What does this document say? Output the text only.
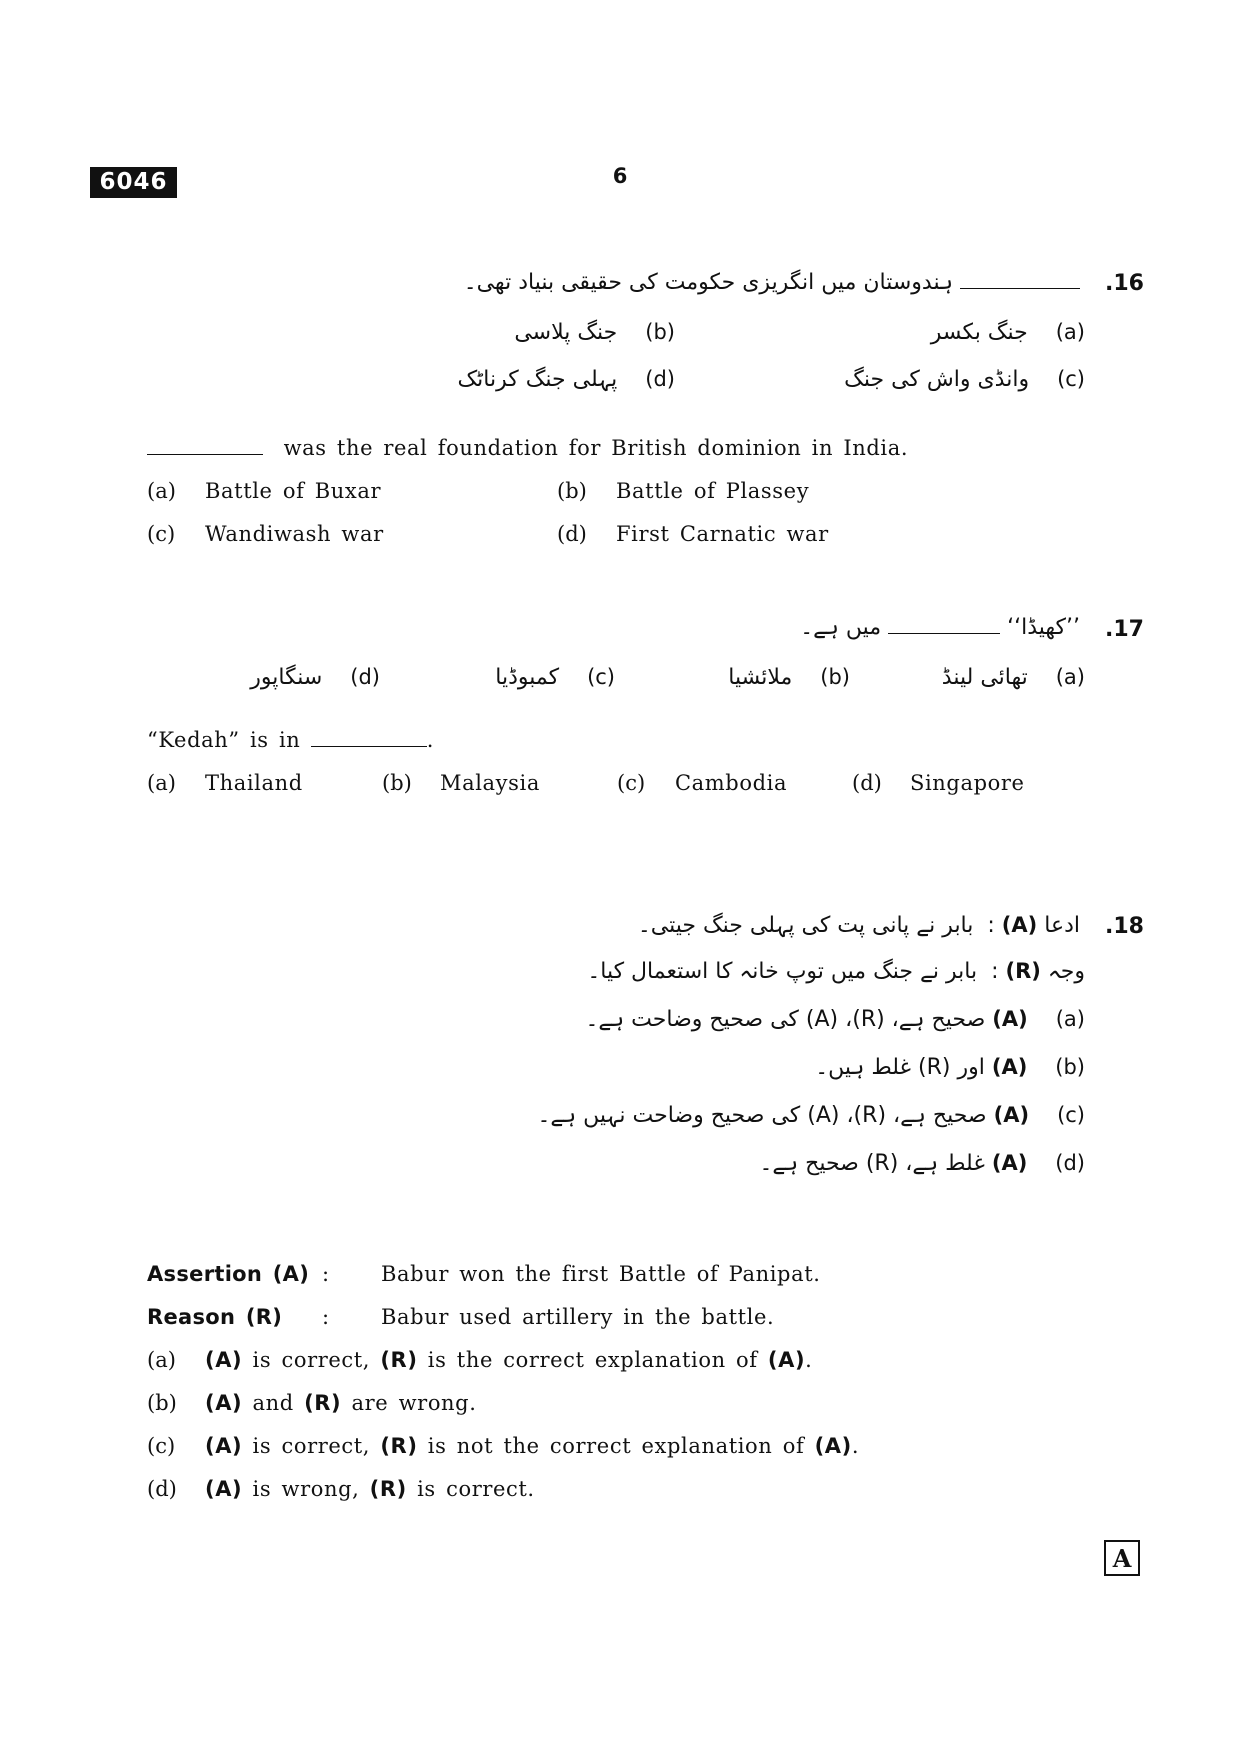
6046	6
.16
ہندوستان میں انگریزی حکومت کی حقیقی بنیاد تھی۔
(a)    جنگ بکسر
(b)    جنگ پلاسی
(c)    وانڈی واش کی جنگ
(d)    پہلی جنگ کرناٹک
was the real foundation for British dominion in India.
(a) Battle of Buxar	(b) Battle of Plassey
(c) Wandiwash war	(d) First Carnatic war
.17
’’کھیڈا‘‘  میں ہے۔
(a)    تھائی لینڈ
(b)    ملائشیا
(c)    کمبوڈیا
(d)    سنگاپور
“Kedah” is in	.
(a) Thailand	(b) Malaysia	(c) Cambodia	(d) Singapore
.18
ادعا (A) :  بابر نے پانی پت کی پہلی جنگ جیتی۔
وجہ (R) :  بابر نے جنگ میں توپ خانہ کا استعمال کیا۔
(a)    (A) صحیح ہے، (R)، (A) کی صحیح وضاحت ہے۔
(b)    (A) اور (R) غلط ہیں۔
(c)    (A) صحیح ہے، (R)، (A) کی صحیح وضاحت نہیں ہے۔
(d)    (A) غلط ہے، (R) صحیح ہے۔
Assertion (A) : Babur won the first Battle of Panipat.
Reason (R) : Babur used artillery in the battle.
(a) (A) is correct, (R) is the correct explanation of (A).
(b) (A) and (R) are wrong.
(c) (A) is correct, (R) is not the correct explanation of (A).
(d) (A) is wrong, (R) is correct.
A
